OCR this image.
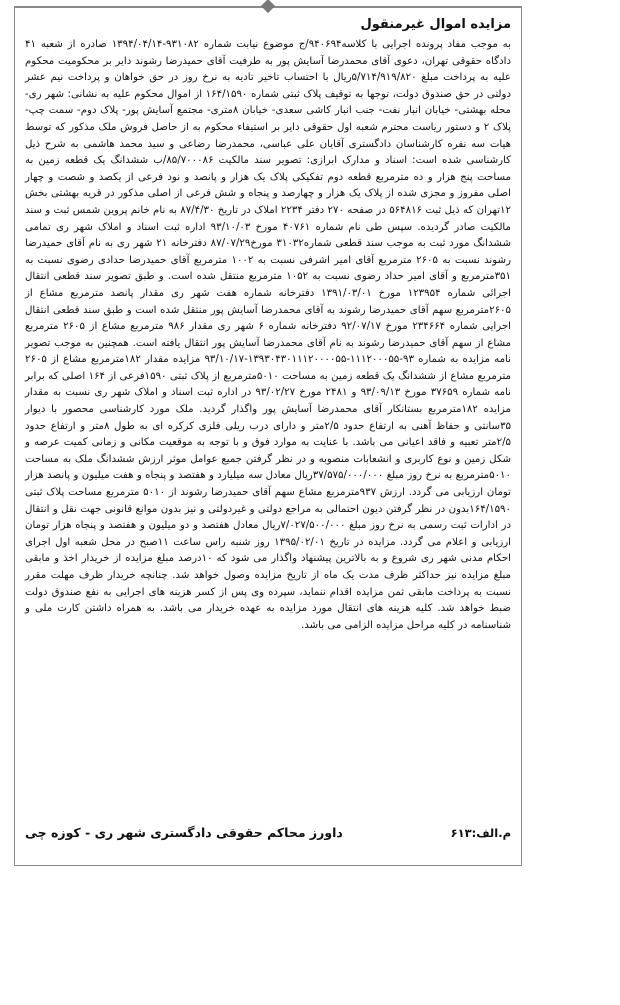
مزایده اموال غیرمنقول

به موجب مفاد پرونده اجرایی با کلاسه۹۴۰۶۹۴/ج موضوع نیابت شماره ۹۳۱۰۸۲-۱۳۹۴/۰۴/۱۴ صادره از شعبه ۴۱ دادگاه حقوقی تهران، دعوی آقای محمدرضا آسایش پور به طرفیت آقای حمیدرضا رشوند دایر بر محکومیت محکوم علیه به پرداخت مبلغ ۵/۷۱۴/۹۱۹/۸۲۰ریال با احتساب تاخیر تادیه به نرخ روز در حق خواهان و پرداخت نیم عشر دولتی در حق صندوق دولت، توجها به توقیف پلاک ثبتی شماره ۱۶۴/۱۵۹۰ از اموال محکوم علیه به نشانی: شهر ری- محله بهشتی- خیابان انبار نفت- جنب انبار کاشی سعدی- خیابان ۸متری- مجتمع آسایش پور- پلاک دوم- سمت چپ- پلاک ۲ و دستور ریاست محترم شعبه اول حقوقی دایر بر استیفاء محکوم به از حاصل فروش ملک مذکور که توسط هیات سه نفره کارشناسان دادگستری آقایان علی عباسی، محمدرضا رضاعی و سید محمد هاشمی به شرح ذیل کارشناسی شده است: اسناد و مدارک ابرازی: تصویر سند مالکیت ۸۵/۷۰۰۰۸۶/ب ششدانگ یک قطعه زمین به مساحت پنج هزار و ده مترمربع قطعه دوم تفکیکی پلاک یک هزار و پانصد و نود فرعی از یکصد و شصت و چهار اصلی مفروز و مجزی شده از پلاک یک هزار و چهارصد و پنجاه و شش فرعی از اصلی مذکور در قریه بهشتی بخش ۱۲تهران که ذیل ثبت ۵۶۴۸۱۶ در صفحه ۲۷۰ دفتر ۲۲۳۴ املاک در تاریخ ۸۷/۴/۳۰ به نام خانم پروین شمس ثبت و سند مالکیت صادر گردیده. سپس طی نام شماره ۴۰۷۶۱ مورخ ۹۳/۱۰/۰۳ اداره ثبت اسناد و املاک شهر ری تمامی ششدانگ مورد ثبت به موجب سند قطعی شماره۳۱۰۳۲ مورخ۸۷/۰۷/۲۹ دفترخانه ۲۱ شهر ری به نام آقای حمیدرضا رشوند نسبت به ۲۶۰۵ مترمربع آقای امیر اشرفی نسبت به ۱۰۰۲ مترمربع آقای حمیدرضا حدادی رضوی نسبت به ۳۵۱مترمربع و آقای امیر حداد رضوی نسبت به ۱۰۵۲ مترمربع منتقل شده است. و طبق تصویر سند قطعی انتقال اجرائی شماره ۱۲۳۹۵۴ مورخ ۱۳۹۱/۰۳/۰۱ دفترخانه شماره هفت شهر ری مقدار پانصد مترمربع مشاع از ۲۶۰۵مترمربع سهم آقای حمیدرضا رشوند به آقای محمدرضا آسایش پور منتقل شده است و طبق سند قطعی انتقال اجرایی شماره ۲۳۴۶۶۴ مورخ ۹۲/۰۷/۱۷ دفترخانه شماره ۶ شهر ری مقدار ۹۸۶ مترمربع مشاع از ۲۶۰۵ مترمربع مشاع از سهم آقای حمیدرضا رشوند به نام آقای محمدرضا آسایش پور انتقال یافته است. همچنین به موجب تصویر نامه مزایده به شماره ۹۳-۱۱۱۲۰۰۰۵۵-۱۳۹۳۰۴۳۰۱۱۱۲۰۰۰۰۵۵-۹۳/۱۰/۱۷ مزایده مقدار ۱۸۲مترمربع مشاع از ۲۶۰۵ مترمربع مشاع از ششدانگ یک قطعه زمین به مساحت ۵۰۱۰مترمربع از پلاک ثبتی ۱۵۹۰فرعی از ۱۶۴ اصلی که برابر نامه شماره ۳۷۶۵۹ مورخ ۹۳/۰۹/۱۳ و ۲۴۸۱ مورخ ۹۳/۰۲/۲۷ در اداره ثبت اسناد و املاک شهر ری نسبت به مقدار مزایده ۱۸۲مترمربع بستانکار آقای محمدرضا آسایش پور واگذار گردید. ملک مورد کارشناسی محصور با دیوار ۳۵سانتی و حفاظ آهنی به ارتفاع حدود ۲/۵متر و دارای درب ریلی فلزی کرکره ای به طول ۸متر و ارتفاع حدود ۲/۵متر تعبیه و فاقد اعیانی می باشد. با عنایت به موارد فوق و با توجه به موقعیت مکانی و زمانی کمیت عرصه و شکل زمین و نوع کاربری و انشعابات منصوبه و در نظر گرفتن جمیع عوامل موثر ارزش ششدانگ ملک به مساحت ۵۰۱۰مترمربع به نرخ روز مبلغ ۳۷/۵۷۵/۰۰۰/۰۰۰ریال معادل سه میلیارد و هفتصد و پنجاه و هفت میلیون و پانصد هزار تومان ارزیابی می گردد. ارزش ۹۳۷مترمربع مشاع سهم آقای حمیدرضا رشوند از ۵۰۱۰ مترمربع مساحت پلاک ثبتی ۱۶۴/۱۵۹۰بدون در نظر گرفتن دیون احتمالی به مراجع دولتی و غیردولتی و نیز بدون موانع قانونی جهت نقل و انتقال در ادارات ثبت رسمی به نرخ روز مبلغ ۷/۰۲۷/۵۰۰/۰۰۰ریال معادل هفتصد و دو میلیون و هفتصد و پنجاه هزار تومان ارزیابی و اعلام می گردد. مزایده در تاریخ ۱۳۹۵/۰۲/۰۱ روز شنبه راس ساعت ۱۱صبح در محل شعبه اول اجرای احکام مدنی شهر ری شروع و به بالاترین پیشنهاد واگذار می شود که ۱۰درصد مبلغ مزایده از خریدار اخذ و مابقی مبلغ مزایده نیز حداکثر ظرف مدت یک ماه از تاریخ مزایده وصول خواهد شد. چنانچه خریدار ظرف مهلت مقرر نسبت به پرداخت مابقی ثمن مزایده اقدام ننماید، سپرده وی پس از کسر هزینه های اجرایی به نفع صندوق دولت ضبط خواهد شد. کلیه هزینه های انتقال مورد مزایده به عهده خریدار می باشد. به همراه داشتن کارت ملی و شناسنامه در کلیه مراحل مزایده الزامی می باشد.

م.الف:۶۱۳
داورز محاکم حقوقی دادگستری شهر ری - کوزه چی
